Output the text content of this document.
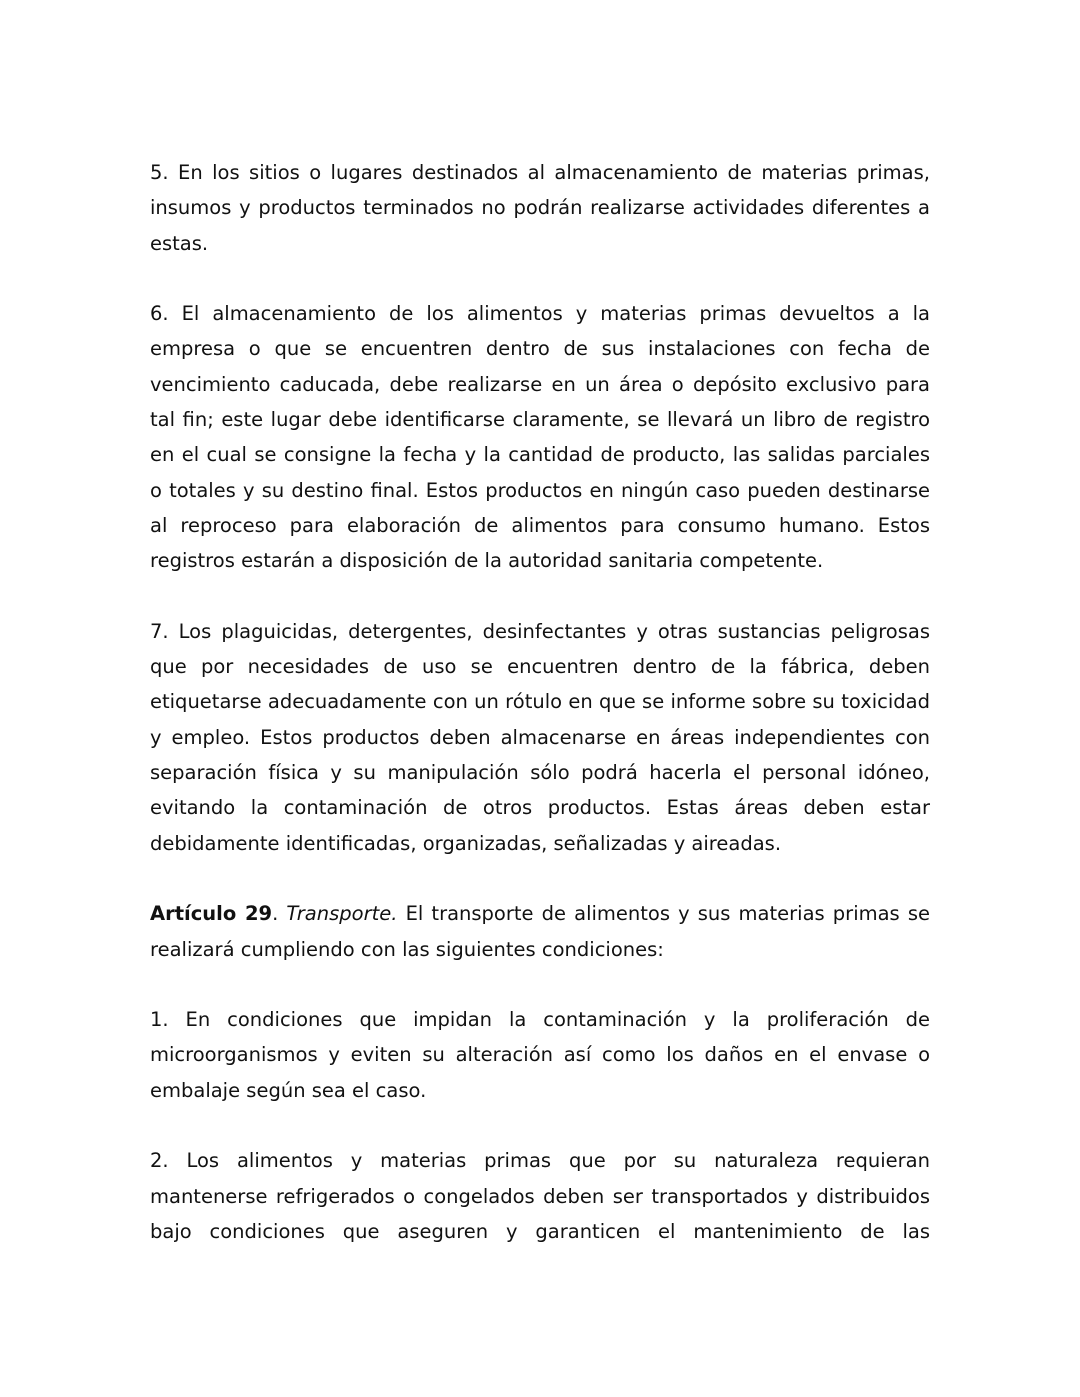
5. En los sitios o lugares destinados al almacenamiento de materias primas, insumos y productos terminados no podrán realizarse actividades diferentes a estas.

6. El almacenamiento de los alimentos y materias primas devueltos a la empresa o que se encuentren dentro de sus instalaciones con fecha de vencimiento caducada, debe realizarse en un área o depósito exclusivo para tal fin; este lugar debe identificarse claramente, se llevará un libro de registro en el cual se consigne la fecha y la cantidad de producto, las salidas parciales o totales y su destino final. Estos productos en ningún caso pueden destinarse al reproceso para elaboración de alimentos para consumo humano. Estos registros estarán a disposición de la autoridad sanitaria competente.

7. Los plaguicidas, detergentes, desinfectantes y otras sustancias peligrosas que por necesidades de uso se encuentren dentro de la fábrica, deben etiquetarse adecuadamente con un rótulo en que se informe sobre su toxicidad y empleo. Estos productos deben almacenarse en áreas independientes con separación física y su manipulación sólo podrá hacerla el personal idóneo, evitando la contaminación de otros productos. Estas áreas deben estar debidamente identificadas, organizadas, señalizadas y aireadas.

Artículo 29. Transporte. El transporte de alimentos y sus materias primas se realizará cumpliendo con las siguientes condiciones:

1. En condiciones que impidan la contaminación y la proliferación de microorganismos y eviten su alteración así como los daños en el envase o embalaje según sea el caso.

2. Los alimentos y materias primas que por su naturaleza requieran mantenerse refrigerados o congelados deben ser transportados y distribuidos bajo condiciones que aseguren y garanticen el mantenimiento de las
